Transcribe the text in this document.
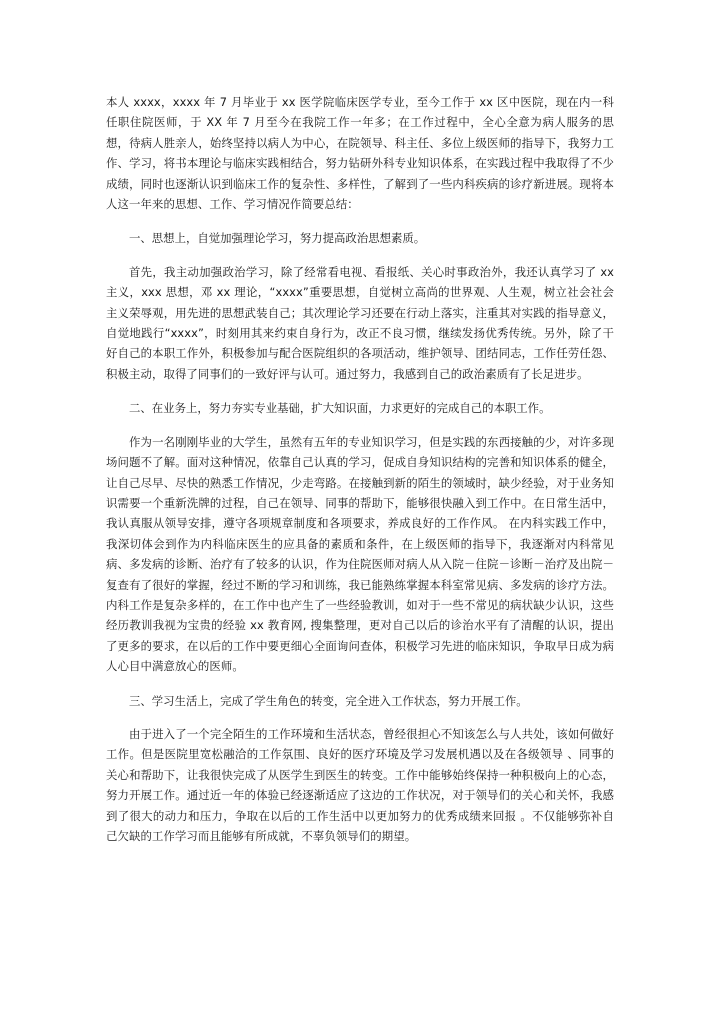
本人 xxxx，xxxx 年 7 月毕业于 xx 医学院临床医学专业，至今工作于 xx 区中医院，现在内一科任职住院医师，于 XX 年 7 月至今在我院工作一年多；在工作过程中，全心全意为病人服务的思想，待病人胜亲人，始终坚持以病人为中心，在院领导、科主任、多位上级医师的指导下，我努力工作、学习，将书本理论与临床实践相结合，努力钻研外科专业知识体系，在实践过程中我取得了不少成绩，同时也逐渐认识到临床工作的复杂性、多样性，了解到了一些内科疾病的诊疗新进展。现将本人这一年来的思想、工作、学习情况作简要总结：

一、思想上，自觉加强理论学习，努力提高政治思想素质。

首先，我主动加强政治学习，除了经常看电视、看报纸、关心时事政治外，我还认真学习了 xx 主义，xxx 思想，邓 xx 理论，“xxxx”重要思想，自觉树立高尚的世界观、人生观，树立社会社会主义荣辱观，用先进的思想武装自己；其次理论学习还要在行动上落实，注重其对实践的指导意义，自觉地践行“xxxx”，时刻用其来约束自身行为，改正不良习惯，继续发扬优秀传统。另外，除了干好自己的本职工作外，积极参加与配合医院组织的各项活动，维护领导、团结同志，工作任劳任怨、积极主动，取得了同事们的一致好评与认可。通过努力，我感到自己的政治素质有了长足进步。

二、在业务上，努力夯实专业基础，扩大知识面，力求更好的完成自己的本职工作。

作为一名刚刚毕业的大学生，虽然有五年的专业知识学习，但是实践的东西接触的少，对许多现场问题不了解。面对这种情况，依靠自己认真的学习，促成自身知识结构的完善和知识体系的健全，让自己尽早、尽快的熟悉工作情况，少走弯路。在接触到新的陌生的领域时，缺少经验，对于业务知识需要一个重新洗牌的过程，自己在领导、同事的帮助下，能够很快融入到工作中。在日常生活中，我认真服从领导安排，遵守各项规章制度和各项要求，养成良好的工作作风。 在内科实践工作中，我深切体会到作为内科临床医生的应具备的素质和条件，在上级医师的指导下，我逐渐对内科常见病、多发病的诊断、治疗有了较多的认识，作为住院医师对病人从入院－住院－诊断－治疗及出院－复查有了很好的掌握，经过不断的学习和训练，我已能熟练掌握本科室常见病、多发病的诊疗方法。内科工作是复杂多样的，在工作中也产生了一些经验教训，如对于一些不常见的病状缺少认识，这些经历教训我视为宝贵的经验 xx 教育网, 搜集整理，更对自己以后的诊治水平有了清醒的认识，提出了更多的要求，在以后的工作中要更细心全面询问查体，积极学习先进的临床知识，争取早日成为病人心目中满意放心的医师。

三、学习生活上，完成了学生角色的转变，完全进入工作状态，努力开展工作。

由于进入了一个完全陌生的工作环境和生活状态，曾经很担心不知该怎么与人共处，该如何做好工作。但是医院里宽松融洽的工作氛围、良好的医疗环境及学习发展机遇以及在各级领导 、同事的关心和帮助下，让我很快完成了从医学生到医生的转变。工作中能够始终保持一种积极向上的心态，努力开展工作。通过近一年的体验已经逐渐适应了这边的工作状况，对于领导们的关心和关怀，我感到了很大的动力和压力，争取在以后的工作生活中以更加努力的优秀成绩来回报 。不仅能够弥补自己欠缺的工作学习而且能够有所成就，不辜负领导们的期望。
